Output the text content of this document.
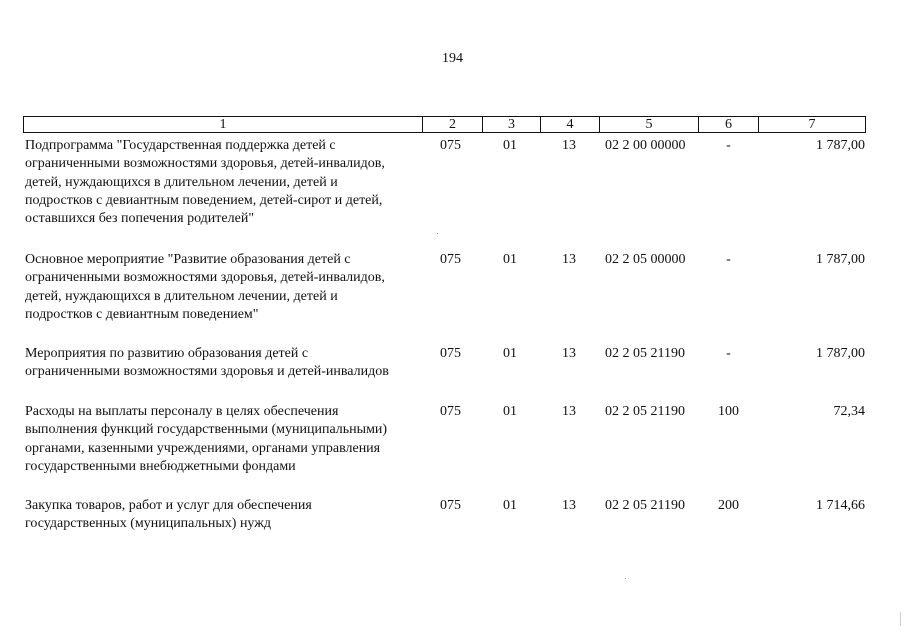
194
1	2	3	4	5	6	7
Подпрограмма "Государственная поддержка детей с
ограниченными возможностями здоровья, детей-инвалидов,
детей, нуждающихся в длительном лечении, детей и
подростков с девиантным поведением, детей-сирот и детей,
оставшихся без попечения родителей"
075	01	13 02 2 00 00000	-	1 787,00
Основное мероприятие "Развитие образования детей с
ограниченными возможностями здоровья, детей-инвалидов,
детей, нуждающихся в длительном лечении, детей и
подростков с девиантным поведением"
075	01	13 02 2 05 00000	-	1 787,00
Мероприятия по развитию образования детей с
ограниченными возможностями здоровья и детей-инвалидов
075	01	13 02 2 05 21190	-	1 787,00
Расходы на выплаты персоналу в целях обеспечения
выполнения функций государственными (муниципальными)
органами, казенными учреждениями, органами управления
государственными внебюджетными фондами
075	01	13 02 2 05 21190	100	72,34
Закупка товаров, работ и услуг для обеспечения
государственных (муниципальных) нужд
075	01	13 02 2 05 21190	200	1 714,66
